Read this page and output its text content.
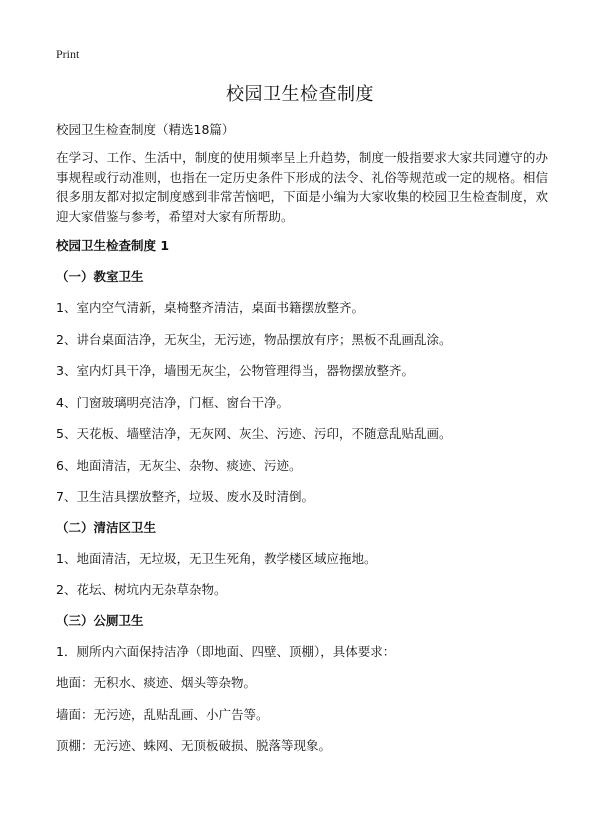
Print
校园卫生检查制度
校园卫生检查制度（精选18篇）
在学习、工作、生活中，制度的使用频率呈上升趋势，制度一般指要求大家共同遵守的办事规程或行动准则，也指在一定历史条件下形成的法令、礼俗等规范或一定的规格。相信很多朋友都对拟定制度感到非常苦恼吧，下面是小编为大家收集的校园卫生检查制度，欢迎大家借鉴与参考，希望对大家有所帮助。
校园卫生检查制度 1
（一）教室卫生
1、室内空气清新，桌椅整齐清洁，桌面书籍摆放整齐。
2、讲台桌面洁净，无灰尘，无污迹，物品摆放有序；黑板不乱画乱涂。
3、室内灯具干净，墙围无灰尘，公物管理得当，器物摆放整齐。
4、门窗玻璃明亮洁净，门框、窗台干净。
5、天花板、墙壁洁净，无灰网、灰尘、污迹、污印，不随意乱贴乱画。
6、地面清洁，无灰尘、杂物、痰迹、污迹。
7、卫生洁具摆放整齐，垃圾、废水及时清倒。
（二）清洁区卫生
1、地面清洁，无垃圾，无卫生死角，教学楼区域应拖地。
2、花坛、树坑内无杂草杂物。
（三）公厕卫生
1．厕所内六面保持洁净（即地面、四壁、顶棚），具体要求：
地面：无积水、痰迹、烟头等杂物。
墙面：无污迹，乱贴乱画、小广告等。
顶棚：无污迹、蛛网、无顶板破损、脱落等现象。
